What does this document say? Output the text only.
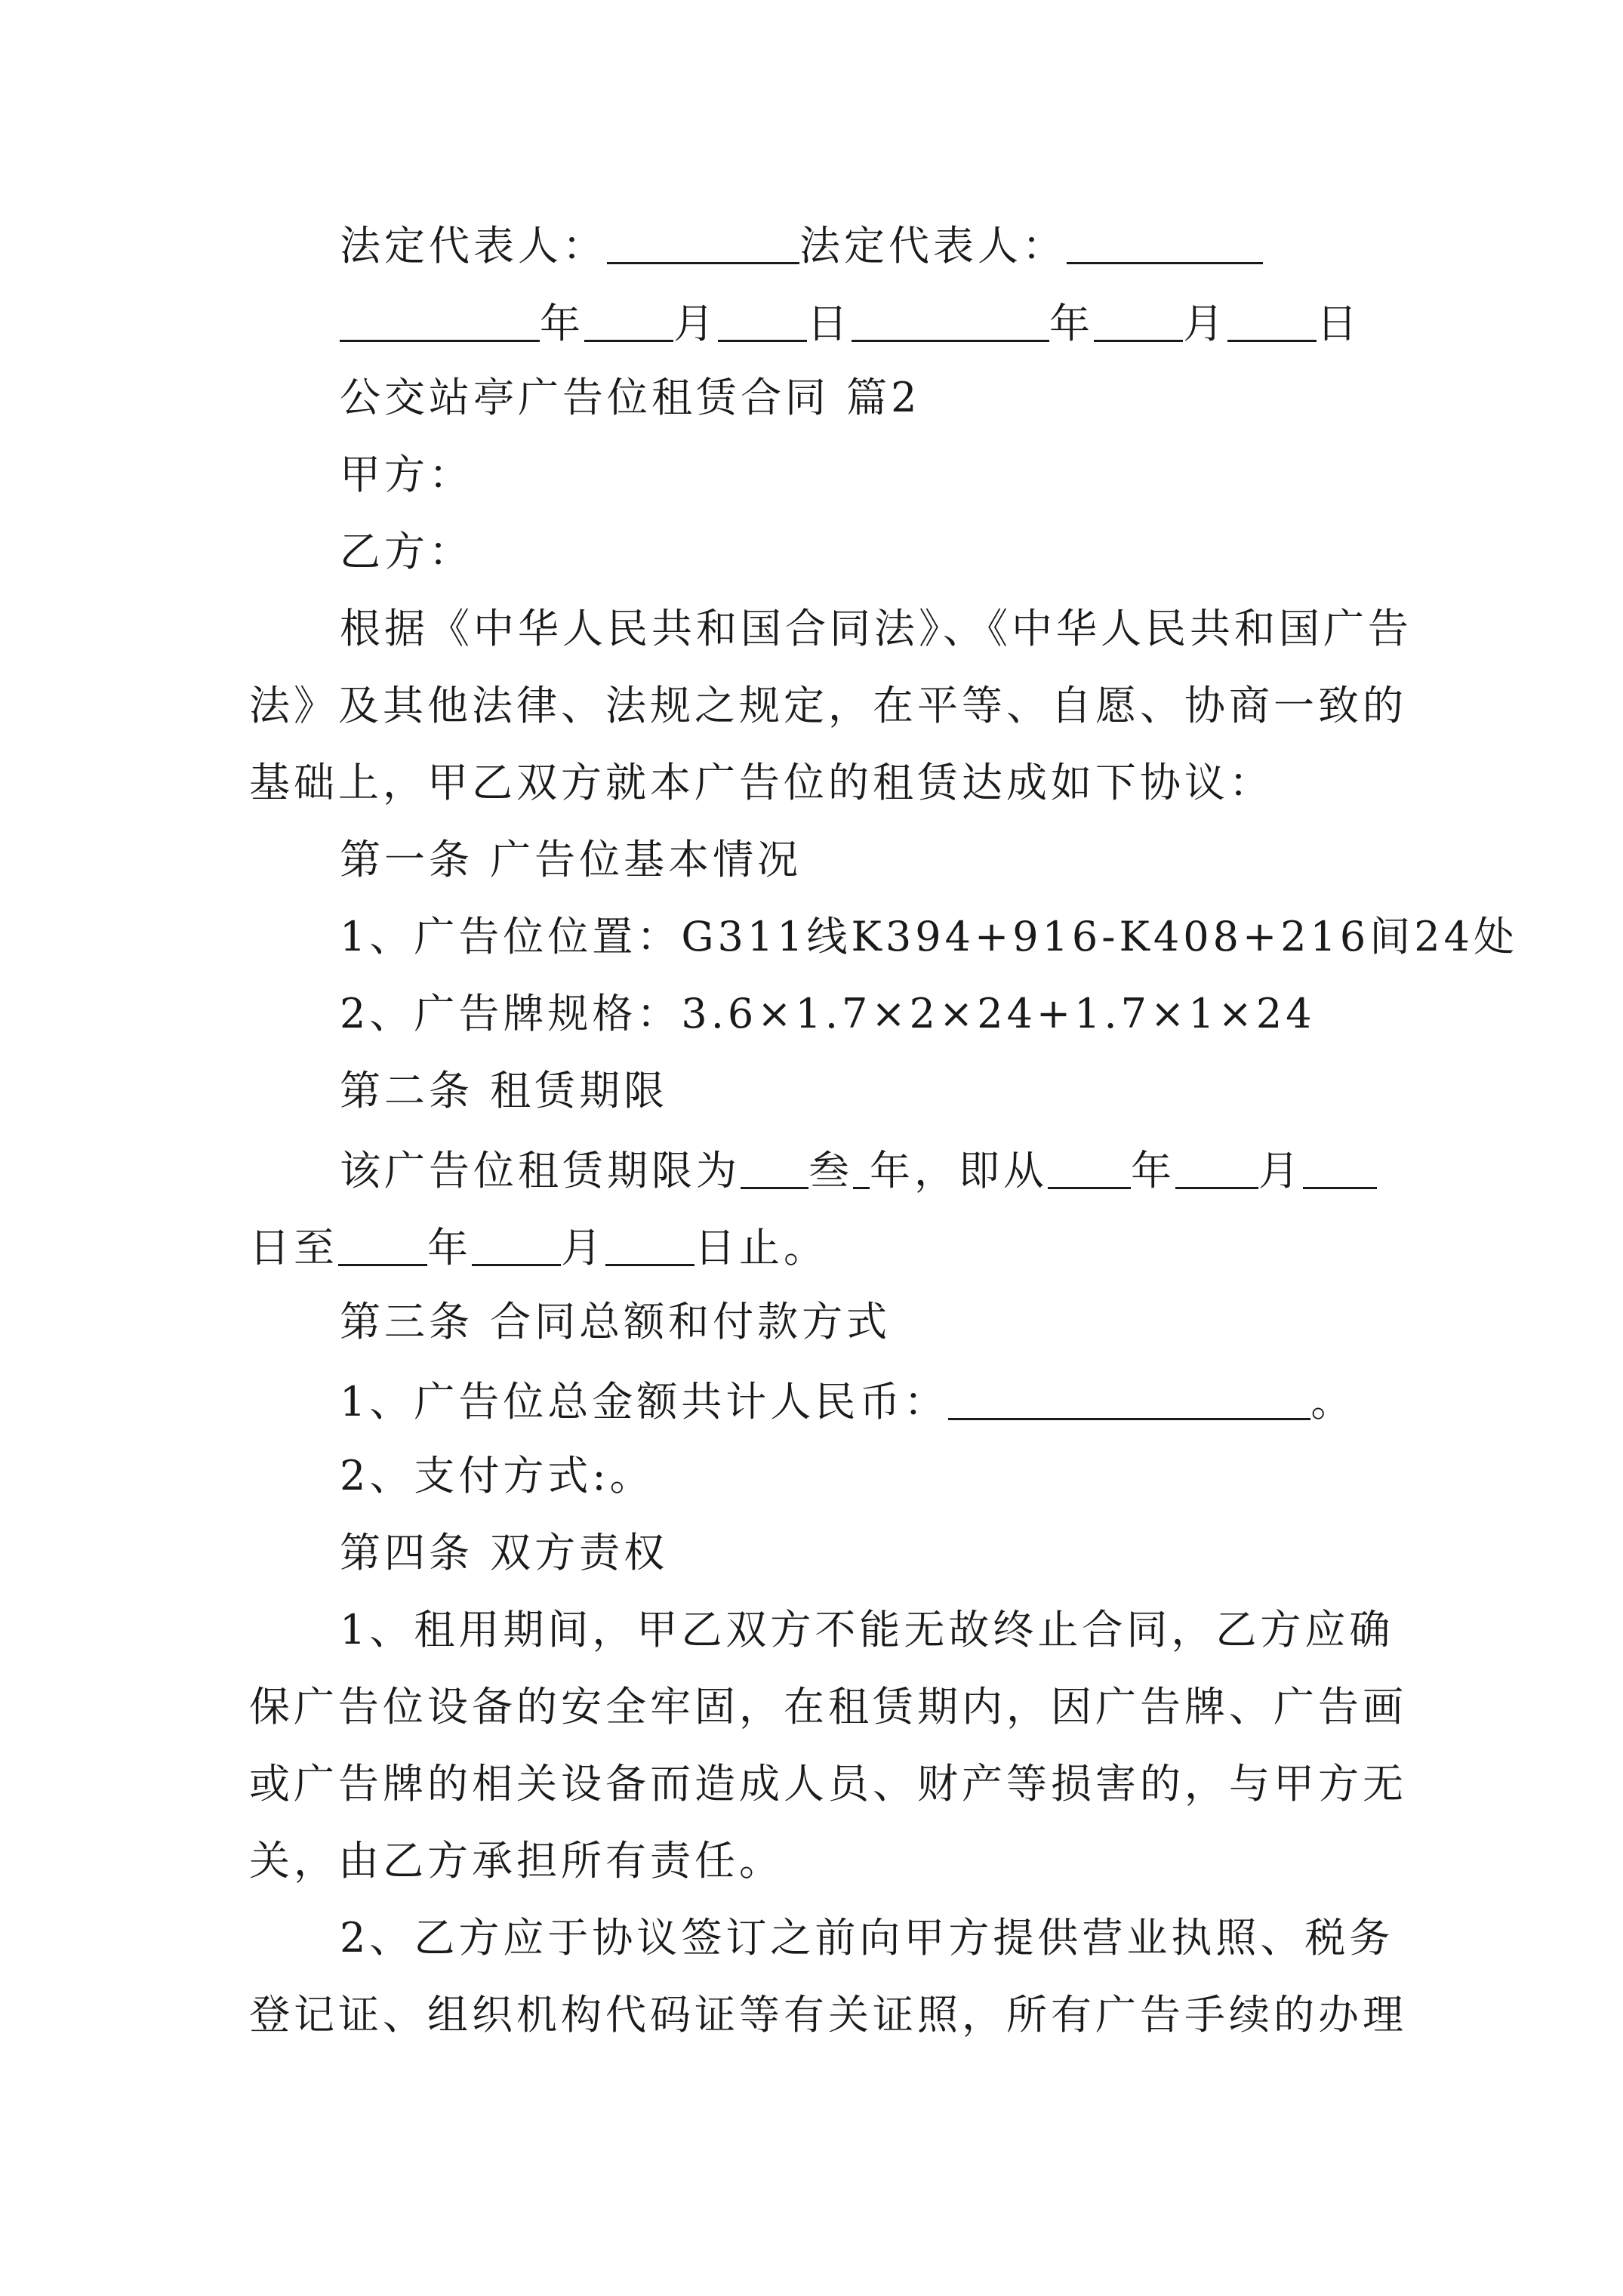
法定代表人：	法定代表人：
年 月 日	年 月 日
公交站亭广告位租赁合同 篇2
甲方：
乙方：
根据《中华人民共和国合同法》、《中华人民共和国广告
法》及其他法律、法规之规定，在平等、自愿、协商一致的
基础上，甲乙双方就本广告位的租赁达成如下协议：
第一条 广告位基本情况
1、广告位位置：G311线K394+916-K408+216间24处
2、广告牌规格：3.6×1.7×2×24+1.7×1×24
第二条 租赁期限
该广告位租赁期限为 叁 年，即从 年 月
日至 年 月 日止。
第三条 合同总额和付款方式
1、广告位总金额共计人民币：	。
2、支付方式:。
第四条 双方责权
1、租用期间，甲乙双方不能无故终止合同，乙方应确
保广告位设备的安全牢固，在租赁期内，因广告牌、广告画
或广告牌的相关设备而造成人员、财产等损害的，与甲方无
关，由乙方承担所有责任。
2、乙方应于协议签订之前向甲方提供营业执照、税务
登记证、组织机构代码证等有关证照，所有广告手续的办理
